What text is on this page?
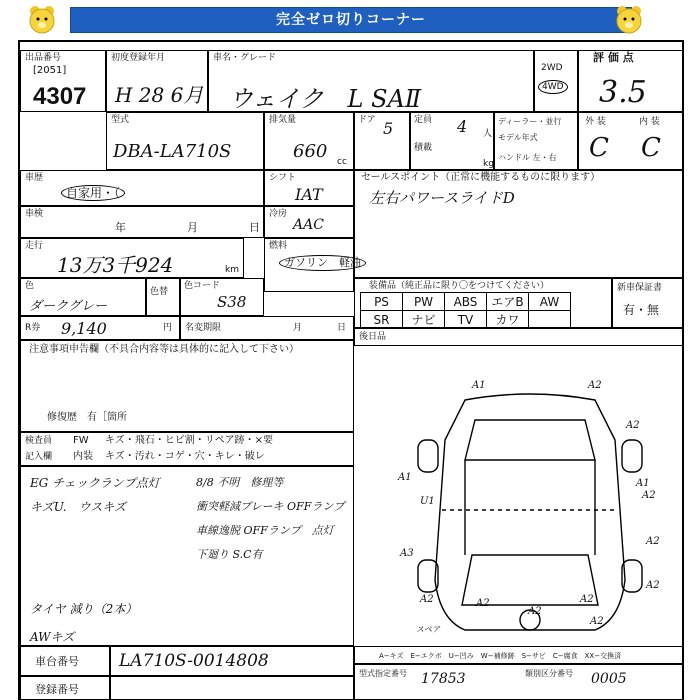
完全ゼロ切りコーナー
出品番号
[2051]
4307
初度登録年月
H 28 6月
車名・グレード
ウェイク　L SAⅡ
2WD
4WD
評 価 点
3.5
型式
DBA-LA710S
排気量
660 cc
ドア 5 定員 4 人
積載
kg
ディーラー・並行
モデル年式
ハンドル 左・右
外 装	内 装
C C
車歴
自家用・（
シフト
IAT
セールスポイント（正常に機能するものに限ります）
左右パワースライドD
車検
年	月	日
冷房
AAC
走行
13万3千924	km
燃料
ガソリン　軽油
色
ダークグレー
色替
色コード
S38
装備品（純正品に限り〇をつけてください）
PS	PW	ABS	エアB	AW
SR	ナビ	TV	カワ	
新車保証書
有・無
R券 9,140	円 名変期限	月	日
後日品
注意事項申告欄（不具合内容等は具体的に記入して下さい）
修復歴　有［箇所
検査員
記入欄
FW キズ・飛石・ヒビ割・リペア跡・×要
内装 キズ・汚れ・コゲ・穴・キレ・破レ
EG チェックランプ点灯
キズU.　ウスキズ
8/8 不明　修理等
衝突軽減ブレーキ OFFランプ
車線逸脱 OFFランプ　点灯
下廻り S.C有
タイヤ 減り（2本）
AWキズ
A1	A2
A2
A1
A2
U1
A1
A2
A3
A2
A2	A2
A2
A2
A2
スペア
車台番号 LA710S-0014808
登録番号
A−キズ　E−エクボ　U−凹み　W−補修跡　S−サビ　C−腐食　XX−交換済
型式指定番号 17853	類別区分番号 0005
